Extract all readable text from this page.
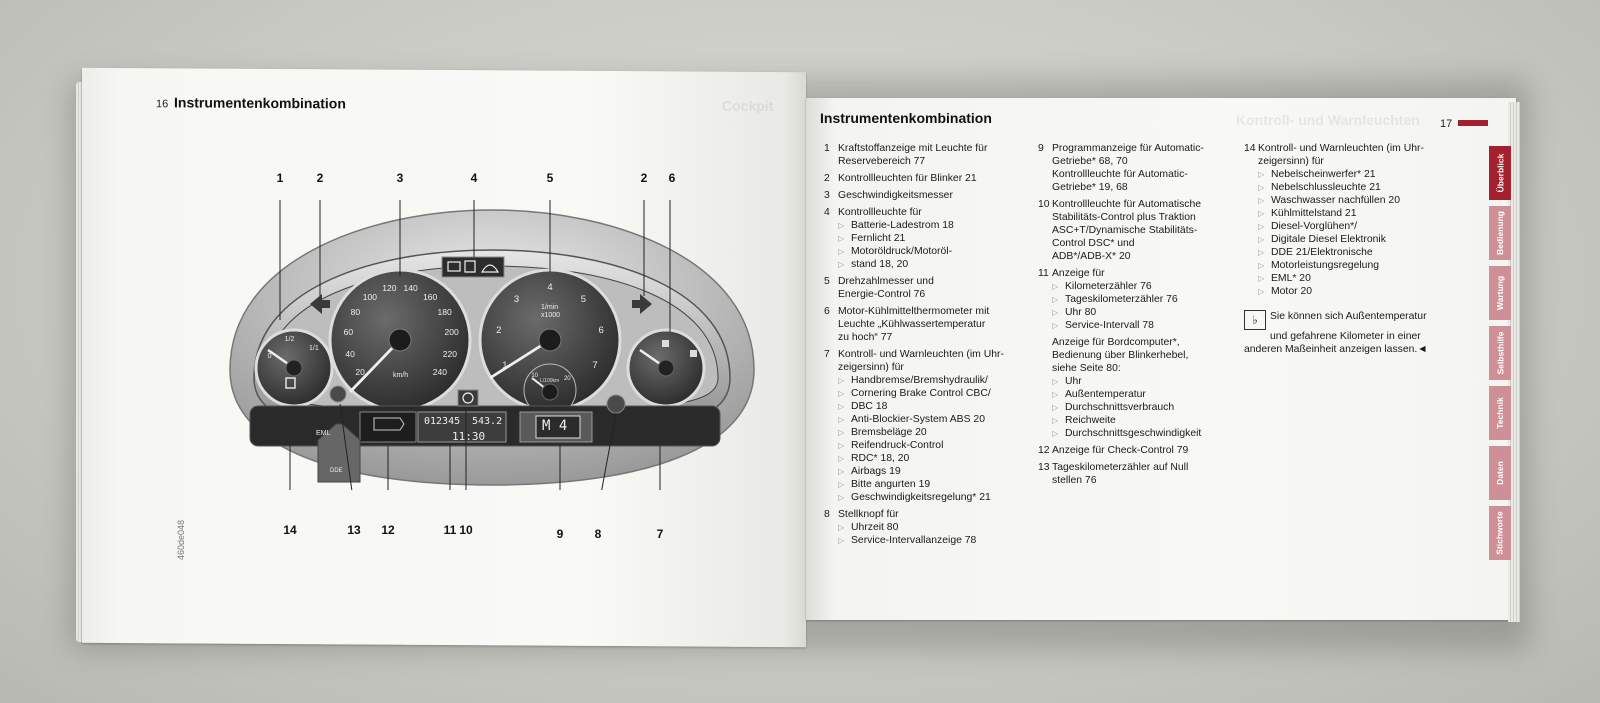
Cockpit
16 Instrumentenkombination
Kontroll- und Warnleuchten
Instrumentenkombination	17
1 Kraftstoffanzeige mit Leuchte für
Reservebereich 77
2 Kontrollleuchten für Blinker 21
3 Geschwindigkeitsmesser
4 Kontrollleuchte für
▷ Batterie-Ladestrom 18
▷ Fernlicht 21
▷ Motoröldruck/Motoröl-
▷ stand 18, 20
5 Drehzahlmesser und
Energie-Control 76
6 Motor-Kühlmittelthermometer mit
Leuchte „Kühlwassertemperatur
zu hoch“ 77
7 Kontroll- und Warnleuchten (im Uhr-
zeigersinn) für
▷ Handbremse/Bremshydraulik/
▷ Cornering Brake Control CBC/
▷ DBC 18
▷ Anti-Blockier-System ABS 20
▷ Bremsbeläge 20
▷ Reifendruck-Control
▷ RDC* 18, 20
▷ Airbags 19
▷ Bitte angurten 19
▷ Geschwindigkeitsregelung* 21
8 Stellknopf für
▷ Uhrzeit 80
▷ Service-Intervallanzeige 78
9 Programmanzeige für Automatic-
Getriebe* 68, 70
Kontrollleuchte für Automatic-
Getriebe* 19, 68
10 Kontrollleuchte für Automatische
Stabilitäts-Control plus Traktion
ASC+T/Dynamische Stabilitäts-
Control DSC* und
ADB*/ADB-X* 20
11 Anzeige für
▷ Kilometerzähler 76
▷ Tageskilometerzähler 76
▷ Uhr 80
▷ Service-Intervall 78
Anzeige für Bordcomputer*,
Bedienung über Blinkerhebel,
siehe Seite 80:
▷ Uhr
▷ Außentemperatur
▷ Durchschnittsverbrauch
▷ Reichweite
▷ Durchschnittsgeschwindigkeit
12 Anzeige für Check-Control 79
13 Tageskilometerzähler auf Null
stellen 76
14 Kontroll- und Warnleuchten (im Uhr-
zeigersinn) für
▷ Nebelscheinwerfer* 21
▷ Nebelschlussleuchte 21
▷ Waschwasser nachfüllen 20
▷ Kühlmittelstand 21
▷ Diesel-Vorglühen*/
▷ Digitale Diesel Elektronik
▷ DDE 21/Elektronische
▷ Motorleistungsregelung
▷ EML* 20
▷ Motor 20
♭ Sie können sich Außentemperatur
und gefahrene Kilometer in einer
anderen Maßeinheit anzeigen lassen.◄
Überblick
Bedienung
Wartung
Selbsthilfe
Technik
Daten
Stichworte
20
40
60
80
100
120 140
160
180
200
220
240
1
2
3
4
5
6
7
0
1/2
1/1
10	20
km/h
1/min
x1000
L/100km
012345 543.2
11:30
M 4
EML
DDE
1	2	3	4	5	2 6
14	13 12	11 10	9	8	7
460de048
